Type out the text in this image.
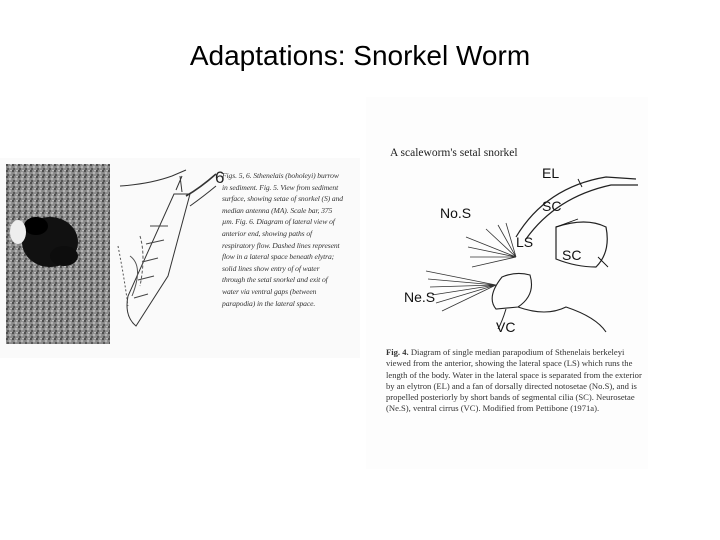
Adaptations: Snorkel Worm
6
Figs. 5, 6. Sthenelais (boholeyi) burrow in sediment. Fig. 5. View from sediment surface, showing setae of snorkel (S) and median antenna (MA). Scale bar, 375 µm. Fig. 6. Diagram of lateral view of anterior end, showing paths of respiratory flow. Dashed lines represent flow in a lateral space beneath elytra; solid lines show entry of of water through the setal snorkel and exit of water via ventral gaps (between parapodia) in the lateral space.
A scaleworm's setal snorkel
EL
No.S	SC
LS
SC
Ne.S
VC
Fig. 4. Diagram of single median parapodium of Sthenelais berkeleyi viewed from the anterior, showing the lateral space (LS) which runs the length of the body. Water in the lateral space is separated from the exterior by an elytron (EL) and a fan of dorsally directed notosetae (No.S), and is propelled posteriorly by short bands of segmental cilia (SC). Neurosetae (Ne.S), ventral cirrus (VC). Modified from Pettibone (1971a).
